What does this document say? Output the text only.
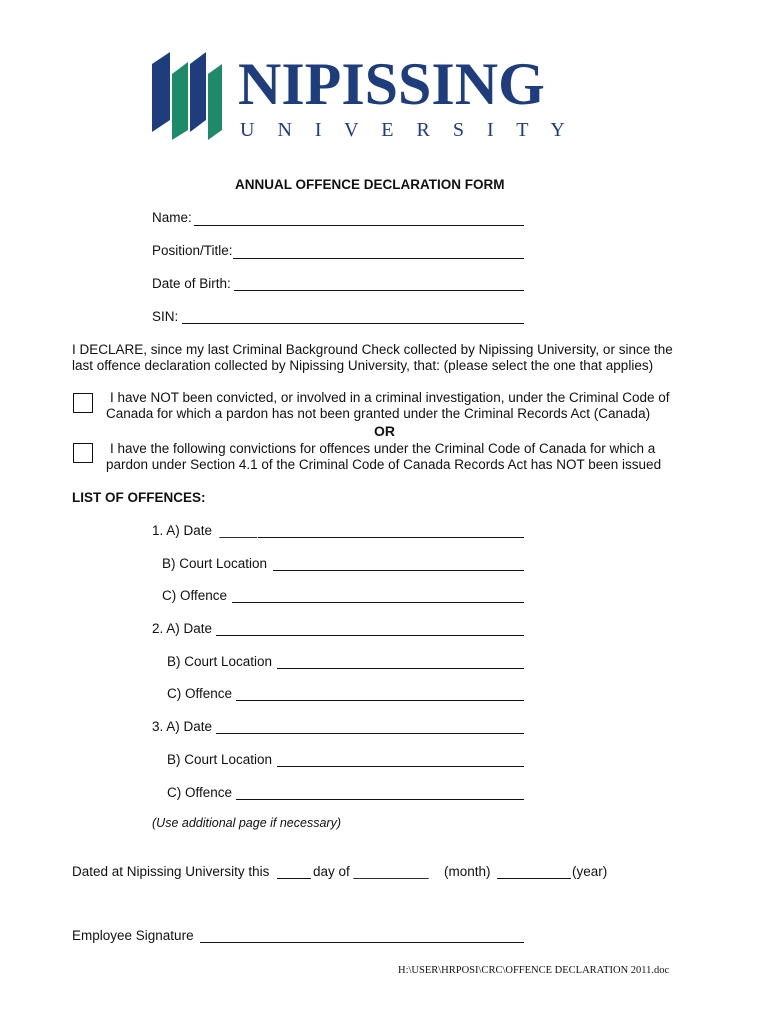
NIPISSING
U N I V E R S I T Y
ANNUAL OFFENCE DECLARATION FORM
Name:
Position/Title:
Date of Birth:
SIN:
I DECLARE, since my last Criminal Background Check collected by Nipissing University, or since the
last offence declaration collected by Nipissing University, that: (please select the one that applies)
I have NOT been convicted, or involved in a criminal investigation, under the Criminal Code of
Canada for which a pardon has not been granted under the Criminal Records Act (Canada)
OR
I have the following convictions for offences under the Criminal Code of Canada for which a
pardon under Section 4.1 of the Criminal Code of Canada Records Act has NOT been issued
LIST OF OFFENCES:
1. A) Date  _____
B) Court Location
C) Offence
2. A) Date
B) Court Location
C) Offence
3. A) Date
B) Court Location
C) Offence
(Use additional page if necessary)
Dated at Nipissing University this	day of __________ (month)	(year)
Employee Signature
H:\USER\HRPOSI\CRC\OFFENCE DECLARATION 2011.doc
